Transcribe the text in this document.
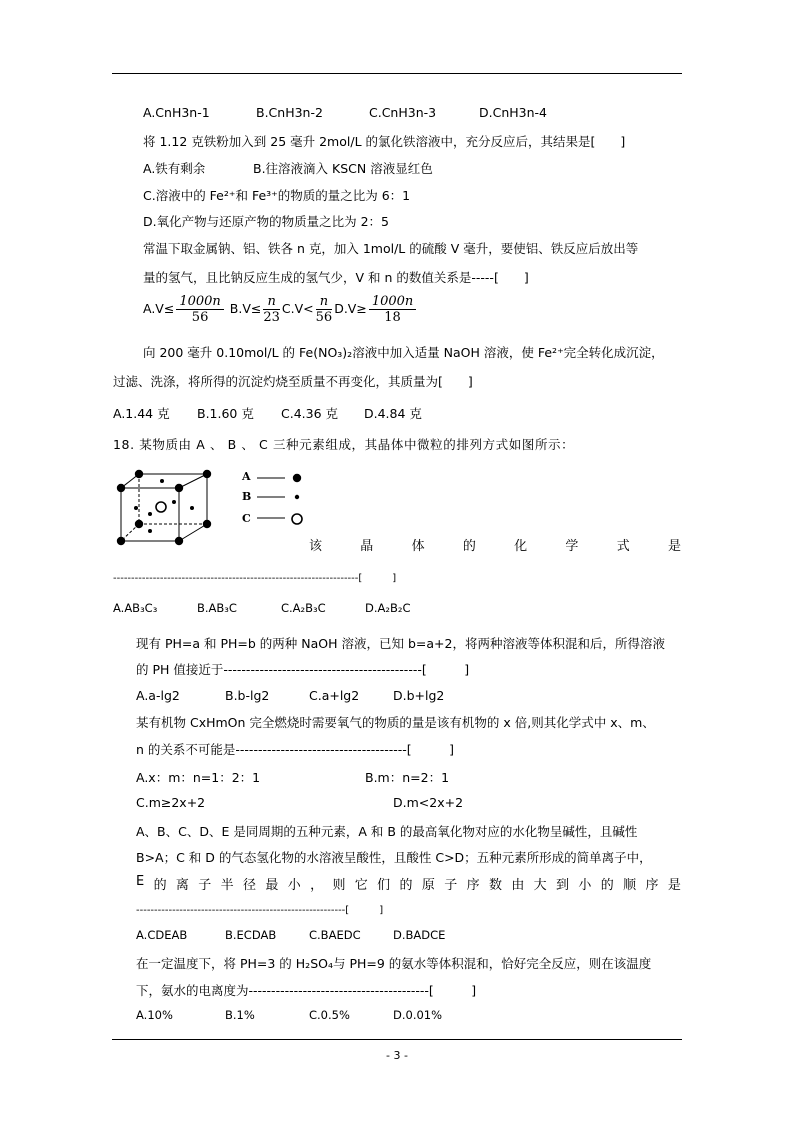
A.CnH3n-1	B.CnH3n-2	C.CnH3n-3	D.CnH3n-4
将 1.12 克铁粉加入到 25 毫升 2mol/L 的氯化铁溶液中，充分反应后，其结果是[　　]
A.铁有剩余	B.往溶液滴入 KSCN 溶液显红色
C.溶液中的 Fe²⁺和 Fe³⁺的物质的量之比为 6：1
D.氧化产物与还原产物的物质量之比为 2：5
常温下取金属钠、铝、铁各 n 克，加入 1mol/L 的硫酸 V 毫升，要使铝、铁反应后放出等
量的氢气，且比钠反应生成的氢气少，V 和 n 的数值关系是-----[　　]
$A.V\le \frac{1000n}{56} B.V\le \frac{n}{23} C.V< \frac{n}{56} D.V\ge \frac{1000n}{18}$
向 200 毫升 0.10mol/L 的 Fe(NO₃)₂溶液中加入适量 NaOH 溶液，使 Fe²⁺完全转化成沉淀，
过滤、洗涤，将所得的沉淀灼烧至质量不再变化，其质量为[　　]
A.1.44 克 B.1.60 克 C.4.36 克 D.4.84 克
18. 某物质由 A 、 B 、 C 三种元素组成，其晶体中微粒的排列方式如图所示：
A
B
C
该	晶	体	的	化	学	式	是
--------------------------------------------------------------------[　　　]
A.AB₃C₃	B.AB₃C	C.A₂B₃C	D.A₂B₂C
现有 PH=a 和 PH=b 的两种 NaOH 溶液，已知 b=a+2，将两种溶液等体积混和后，所得溶液
的 PH 值接近于--------------------------------------------[　　　]
A.a-lg2	B.b-lg2	C.a+lg2	D.b+lg2
某有机物 CxHmOn 完全燃烧时需要氧气的物质的量是该有机物的 x 倍,则其化学式中 x、m、
n 的关系不可能是--------------------------------------[　　　]
A.x：m：n=1：2：1	B.m：n=2：1
C.m≥2x+2	D.m<2x+2
A、B、C、D、E 是同周期的五种元素，A 和 B 的最高氧化物对应的水化物呈碱性，且碱性
B>A；C 和 D 的气态氢化物的水溶液呈酸性，且酸性 C>D；五种元素所形成的简单离子中，
E 的 离 子 半 径 最 小 ， 则 它 们 的 原 子 序 数 由 大 到 小 的 顺 序 是
----------------------------------------------------------[　　　]
A.CDEAB	B.ECDAB	C.BAEDC	D.BADCE
在一定温度下，将 PH=3 的 H₂SO₄与 PH=9 的氨水等体积混和，恰好完全反应，则在该温度
下，氨水的电离度为----------------------------------------[　　　]
A.10%	B.1%	C.0.5%	D.0.01%
- 3 -
